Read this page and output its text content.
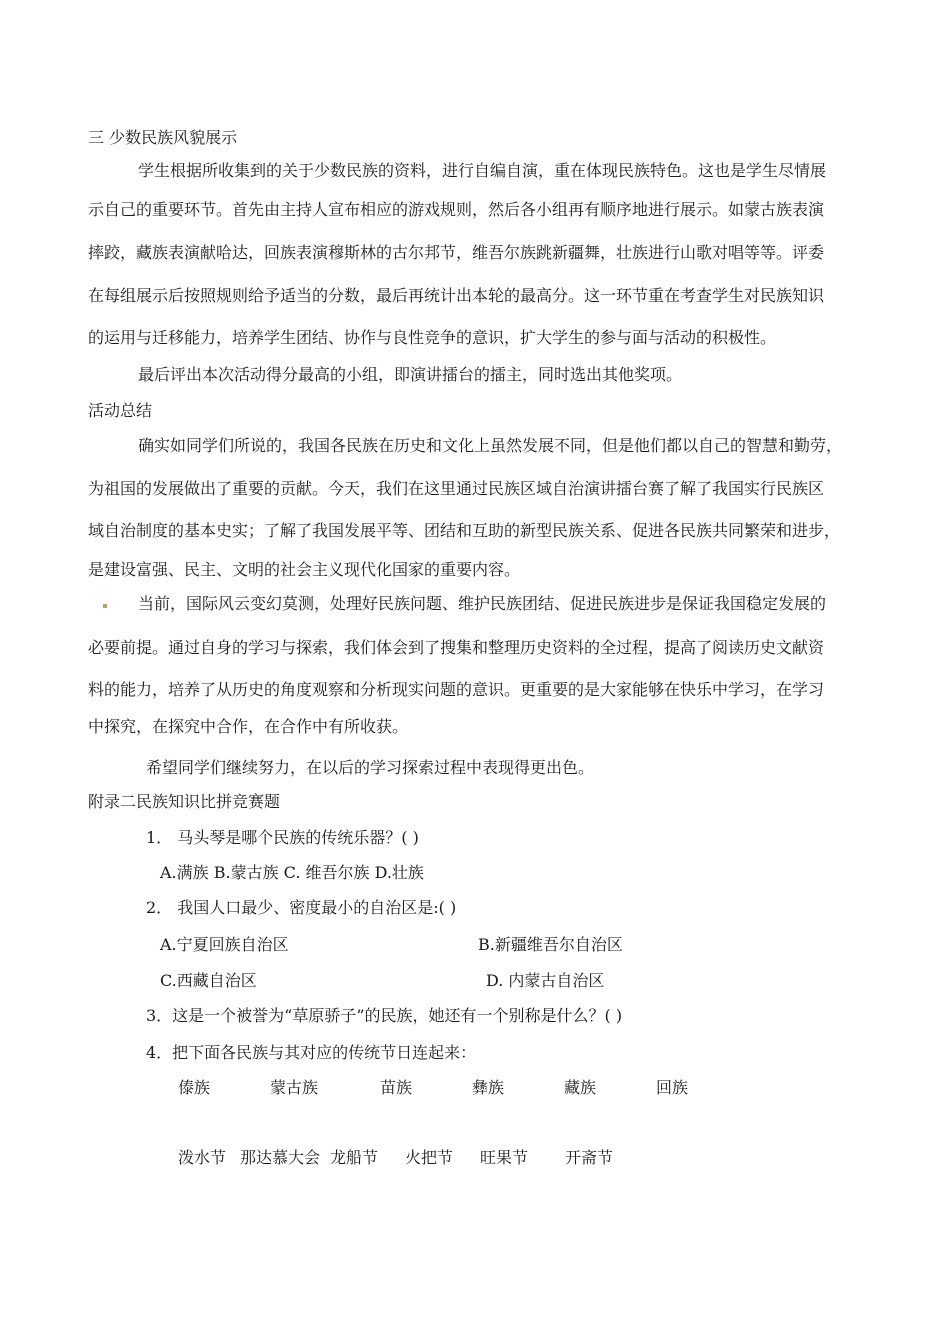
三 少数民族风貌展示
学生根据所收集到的关于少数民族的资料，进行自编自演，重在体现民族特色。这也是学生尽情展
示自己的重要环节。首先由主持人宣布相应的游戏规则，然后各小组再有顺序地进行展示。如蒙古族表演
摔跤，藏族表演献哈达，回族表演穆斯林的古尔邦节，维吾尔族跳新疆舞，壮族进行山歌对唱等等。评委
在每组展示后按照规则给予适当的分数，最后再统计出本轮的最高分。这一环节重在考查学生对民族知识
的运用与迁移能力，培养学生团结、协作与良性竞争的意识，扩大学生的参与面与活动的积极性。
最后评出本次活动得分最高的小组，即演讲擂台的擂主，同时选出其他奖项。
活动总结
确实如同学们所说的，我国各民族在历史和文化上虽然发展不同，但是他们都以自己的智慧和勤劳，
为祖国的发展做出了重要的贡献。今天，我们在这里通过民族区域自治演讲擂台赛了解了我国实行民族区
域自治制度的基本史实；了解了我国发展平等、团结和互助的新型民族关系、促进各民族共同繁荣和进步，
是建设富强、民主、文明的社会主义现代化国家的重要内容。
当前，国际风云变幻莫测，处理好民族问题、维护民族团结、促进民族进步是保证我国稳定发展的
必要前提。通过自身的学习与探索，我们体会到了搜集和整理历史资料的全过程，提高了阅读历史文献资
料的能力，培养了从历史的角度观察和分析现实问题的意识。更重要的是大家能够在快乐中学习，在学习
中探究，在探究中合作，在合作中有所收获。
希望同学们继续努力，在以后的学习探索过程中表现得更出色。
附录二民族知识比拼竞赛题
1． 马头琴是哪个民族的传统乐器？( )
A.满族 B.蒙古族 C. 维吾尔族 D.壮族
2． 我国人口最少、密度最小的自治区是:( )
A.宁夏回族自治区	B.新疆维吾尔自治区
C.西藏自治区	D. 内蒙古自治区
3．这是一个被誉为“草原骄子”的民族，她还有一个别称是什么？( )
4．把下面各民族与其对应的传统节日连起来：
傣族	蒙古族	苗族	彝族	藏族	回族
泼水节 那达慕大会 龙船节 火把节 旺果节 开斋节
